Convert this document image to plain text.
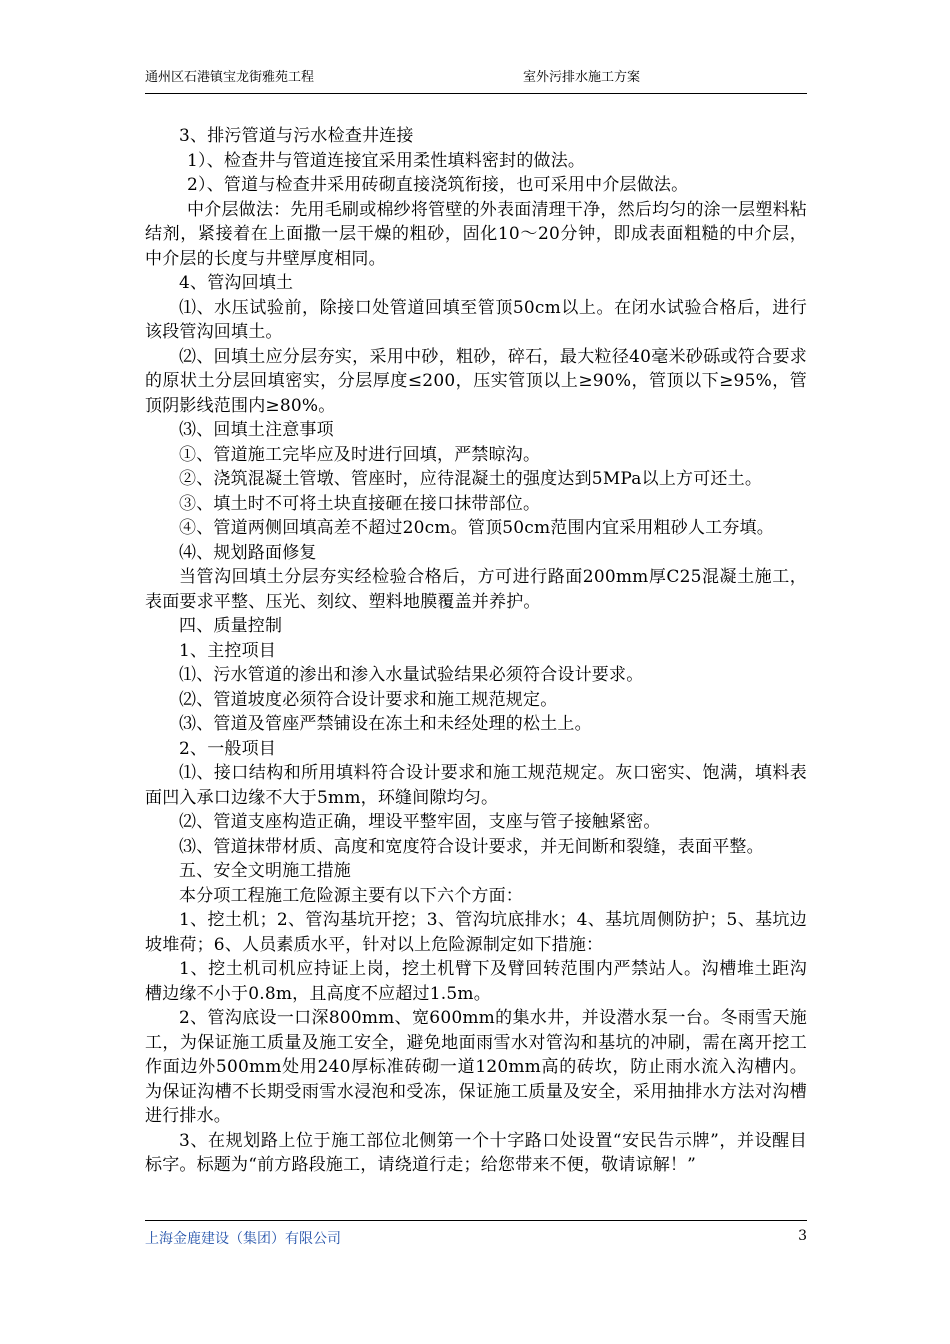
通州区石港镇宝龙街雅苑工程	室外污排水施工方案

3、排污管道与污水检查井连接

1）、检查井与管道连接宜采用柔性填料密封的做法。

2）、管道与检查井采用砖砌直接浇筑衔接，也可采用中介层做法。

中介层做法：先用毛刷或棉纱将管壁的外表面清理干净，然后均匀的涂一层塑料粘结剂，紧接着在上面撒一层干燥的粗砂，固化10～20分钟，即成表面粗糙的中介层，中介层的长度与井壁厚度相同。

4、管沟回填土

⑴、水压试验前，除接口处管道回填至管顶50cm以上。在闭水试验合格后，进行该段管沟回填土。

⑵、回填土应分层夯实，采用中砂，粗砂，碎石，最大粒径40毫米砂砾或符合要求的原状土分层回填密实，分层厚度≤200，压实管顶以上≥90%，管顶以下≥95%，管顶阴影线范围内≥80%。

⑶、回填土注意事项

①、管道施工完毕应及时进行回填，严禁晾沟。

②、浇筑混凝土管墩、管座时，应待混凝土的强度达到5MPa以上方可还土。

③、填土时不可将土块直接砸在接口抹带部位。

④、管道两侧回填高差不超过20cm。管顶50cm范围内宜采用粗砂人工夯填。

⑷、规划路面修复

当管沟回填土分层夯实经检验合格后，方可进行路面200mm厚C25混凝土施工，表面要求平整、压光、刻纹、塑料地膜覆盖并养护。

四、质量控制

1、主控项目

⑴、污水管道的渗出和渗入水量试验结果必须符合设计要求。

⑵、管道坡度必须符合设计要求和施工规范规定。

⑶、管道及管座严禁铺设在冻土和未经处理的松土上。

2、一般项目

⑴、接口结构和所用填料符合设计要求和施工规范规定。灰口密实、饱满，填料表面凹入承口边缘不大于5mm，环缝间隙均匀。

⑵、管道支座构造正确，埋设平整牢固，支座与管子接触紧密。

⑶、管道抹带材质、高度和宽度符合设计要求，并无间断和裂缝，表面平整。

五、安全文明施工措施

本分项工程施工危险源主要有以下六个方面：

1、挖土机；2、管沟基坑开挖；3、管沟坑底排水；4、基坑周侧防护；5、基坑边坡堆荷；6、人员素质水平，针对以上危险源制定如下措施：

1、挖土机司机应持证上岗，挖土机臂下及臂回转范围内严禁站人。沟槽堆土距沟槽边缘不小于0.8m，且高度不应超过1.5m。

2、管沟底设一口深800mm、宽600mm的集水井，并设潜水泵一台。冬雨雪天施工，为保证施工质量及施工安全，避免地面雨雪水对管沟和基坑的冲刷，需在离开挖工作面边外500mm处用240厚标准砖砌一道120mm高的砖坎，防止雨水流入沟槽内。为保证沟槽不长期受雨雪水浸泡和受冻，保证施工质量及安全，采用抽排水方法对沟槽进行排水。

3、在规划路上位于施工部位北侧第一个十字路口处设置“安民告示牌”，并设醒目标字。标题为“前方路段施工，请绕道行走；给您带来不便，敬请谅解！”

上海金鹿建设（集团）有限公司	3
